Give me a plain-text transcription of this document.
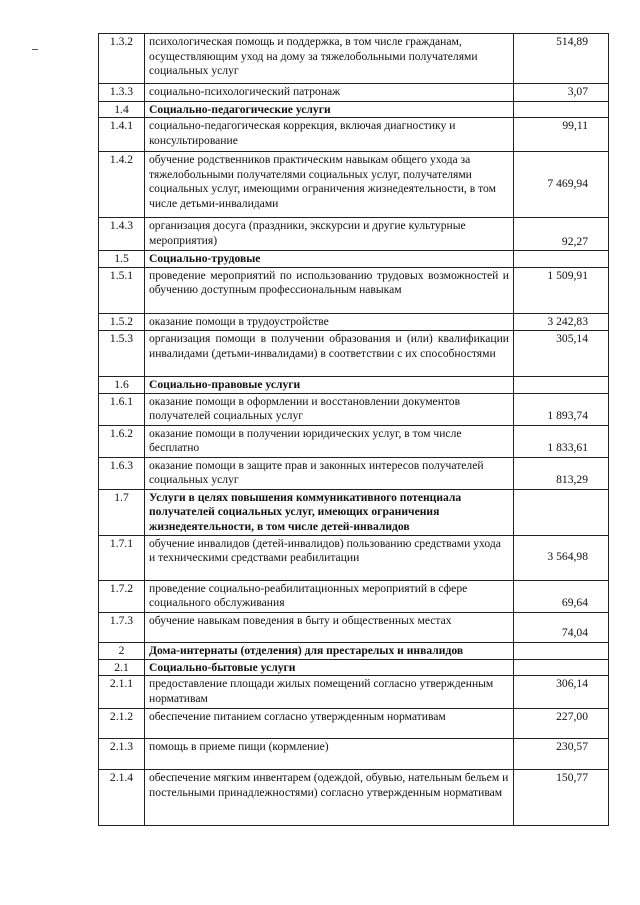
1.3.2	психологическая помощь и поддержка, в том числе гражданам, осуществляющим уход на дому за тяжелобольными получателями социальных услуг	514,89
1.3.3	социально-психологический патронаж	3,07
1.4	Социально-педагогические услуги	
1.4.1	социально-педагогическая коррекция, включая диагностику и консультирование	99,11
1.4.2	обучение родственников практическим навыкам общего ухода за тяжелобольными получателями социальных услуг, получателями социальных услуг, имеющими ограничения жизнедеятельности, в том числе детьми-инвалидами	7 469,94
1.4.3	организация досуга (праздники, экскурсии и другие культурные мероприятия)	92,27
1.5	Социально-трудовые	
1.5.1	проведение мероприятий по использованию трудовых возможностей и обучению доступным профессиональным навыкам	1 509,91
1.5.2	оказание помощи в трудоустройстве	3 242,83
1.5.3	организация помощи в получении образования и (или) квалификации инвалидами (детьми-инвалидами) в соответствии с их способностями	305,14
1.6	Социально-правовые услуги	
1.6.1	оказание помощи в оформлении и восстановлении документов получателей социальных услуг	1 893,74
1.6.2	оказание помощи в получении юридических услуг, в том числе бесплатно	1 833,61
1.6.3	оказание помощи в защите прав и законных интересов получателей социальных услуг	813,29
1.7	Услуги в целях повышения коммуникативного потенциала получателей социальных услуг, имеющих ограничения жизнедеятельности, в том числе детей-инвалидов	
1.7.1	обучение инвалидов (детей-инвалидов) пользованию средствами ухода и техническими средствами реабилитации	3 564,98
1.7.2	проведение социально-реабилитационных мероприятий в сфере социального обслуживания	69,64
1.7.3	обучение навыкам поведения в быту и общественных местах	74,04
2	Дома-интернаты (отделения) для престарелых и инвалидов	
2.1	Социально-бытовые услуги	
2.1.1	предоставление площади жилых помещений согласно утвержденным нормативам	306,14
2.1.2	обеспечение питанием согласно утвержденным нормативам	227,00
2.1.3	помощь в приеме пищи (кормление)	230,57
2.1.4	обеспечение мягким инвентарем (одеждой, обувью, нательным бельем и постельными принадлежностями) согласно утвержденным нормативам	150,77
